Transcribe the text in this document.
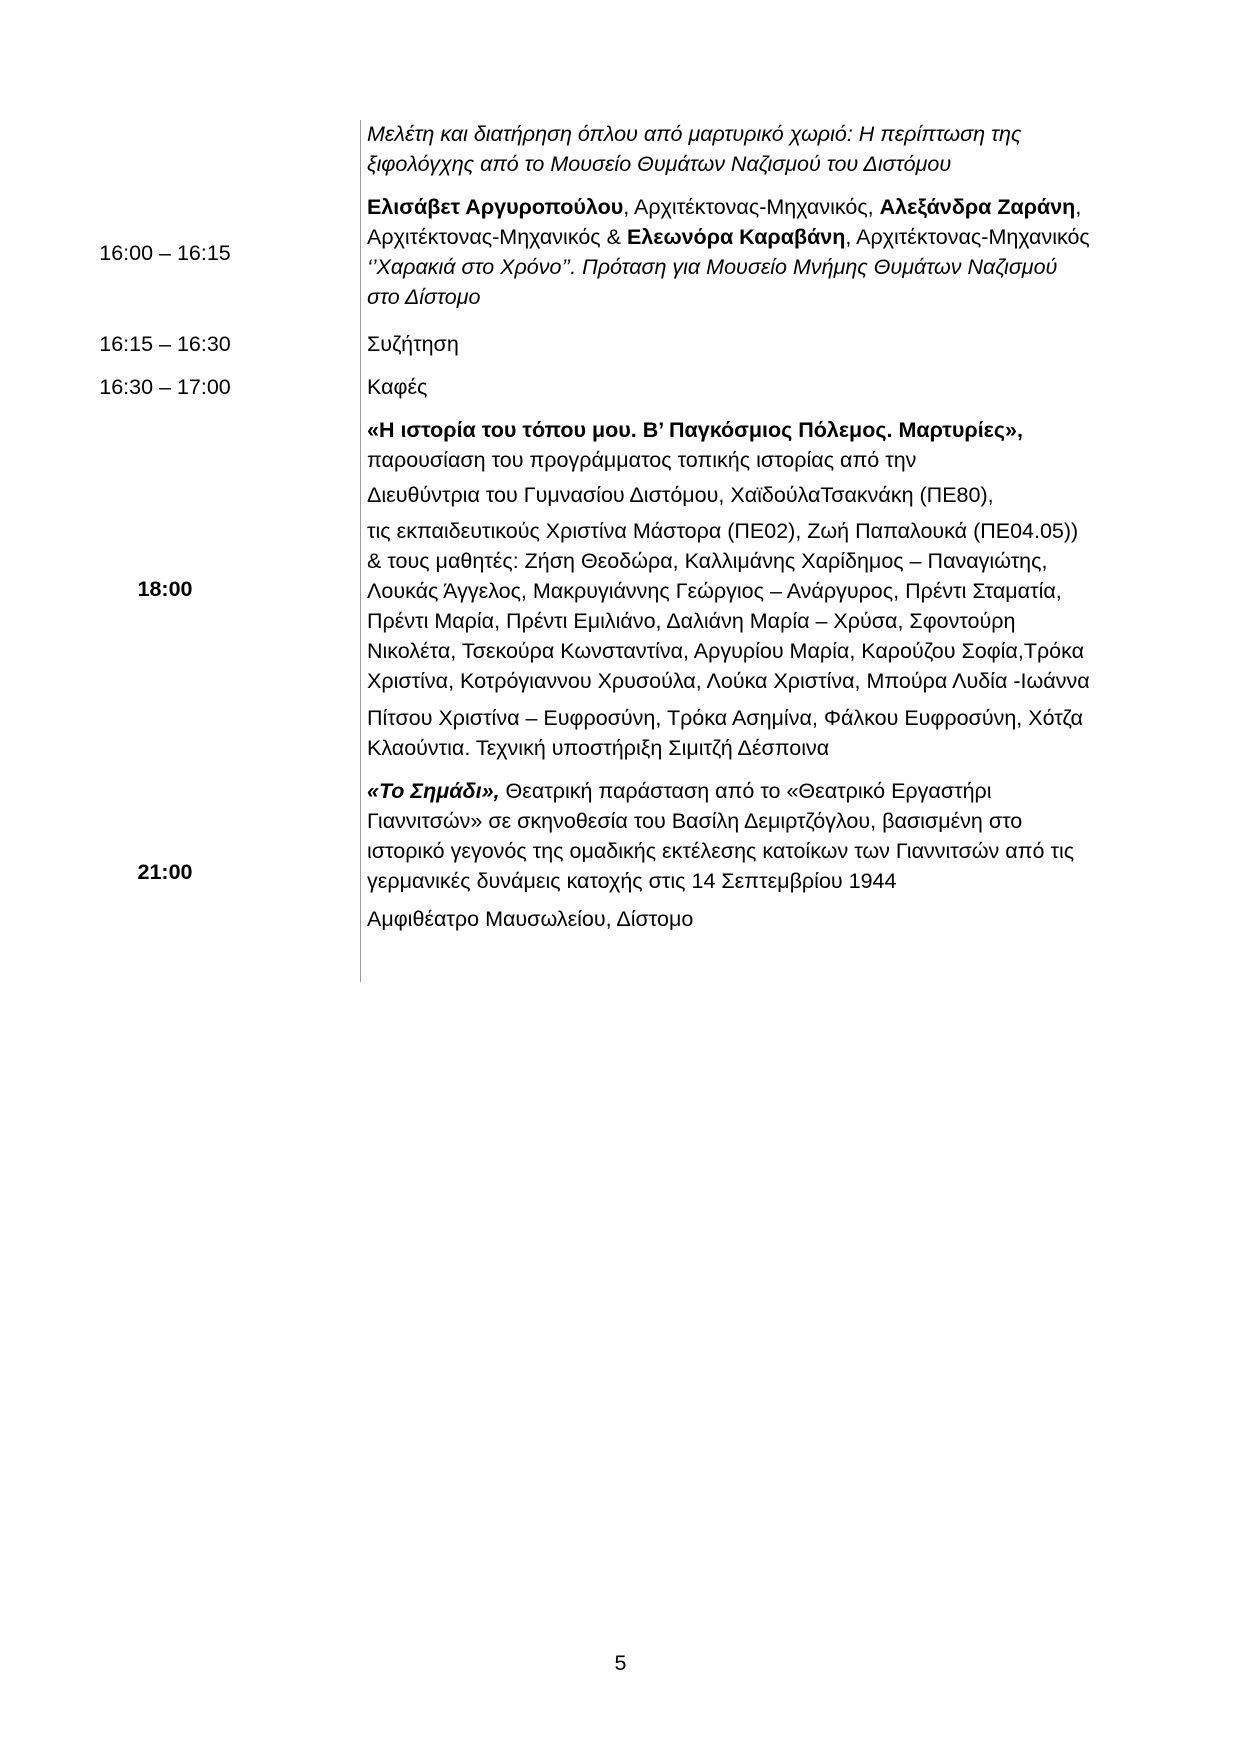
Μελέτη και διατήρηση όπλου από μαρτυρικό χωριό: Η περίπτωση της
ξιφολόγχης από το Μουσείο Θυμάτων Ναζισμού του Διστόμου
16:00 – 16:15
Ελισάβετ Αργυροπούλου, Αρχιτέκτονας-Μηχανικός, Αλεξάνδρα Ζαράνη,
Αρχιτέκτονας-Μηχανικός & Ελεωνόρα Καραβάνη, Αρχιτέκτονας-Μηχανικός
‘’Χαρακιά στο Χρόνο’’. Πρόταση για Μουσείο Μνήμης Θυμάτων Ναζισμού
στο Δίστομο
16:15 – 16:30	Συζήτηση
16:30 – 17:00	Καφές
18:00
«Η ιστορία του τόπου μου. Β’ Παγκόσμιος Πόλεμος. Μαρτυρίες»,
παρουσίαση του προγράμματος τοπικής ιστορίας από την
Διευθύντρια του Γυμνασίου Διστόμου, ΧαϊδούλαΤσακνάκη (ΠΕ80),
τις εκπαιδευτικούς Χριστίνα Μάστορα (ΠΕ02), Ζωή Παπαλουκά (ΠΕ04.05))
& τους μαθητές: Ζήση Θεοδώρα, Καλλιμάνης Χαρίδημος – Παναγιώτης,
Λουκάς Άγγελος, Μακρυγιάννης Γεώργιος – Ανάργυρος, Πρέντι Σταματία,
Πρέντι Μαρία, Πρέντι Εμιλιάνο, Δαλιάνη Μαρία – Χρύσα, Σφοντούρη
Νικολέτα, Τσεκούρα Κωνσταντίνα, Αργυρίου Μαρία, Καρούζου Σοφία,Τρόκα
Χριστίνα, Κοτρόγιαννου Χρυσούλα, Λούκα Χριστίνα, Μπούρα Λυδία -Ιωάννα
Πίτσου Χριστίνα – Ευφροσύνη, Τρόκα Ασημίνα, Φάλκου Ευφροσύνη, Χότζα
Κλαούντια. Τεχνική υποστήριξη Σιμιτζή Δέσποινα
21:00
«Το Σημάδι», Θεατρική παράσταση από το «Θεατρικό Εργαστήρι
Γιαννιτσών» σε σκηνοθεσία του Βασίλη Δεμιρτζόγλου, βασισμένη στο
ιστορικό γεγονός της ομαδικής εκτέλεσης κατοίκων των Γιαννιτσών από τις
γερμανικές δυνάμεις κατοχής στις 14 Σεπτεμβρίου 1944
Αμφιθέατρο Μαυσωλείου, Δίστομο
5
